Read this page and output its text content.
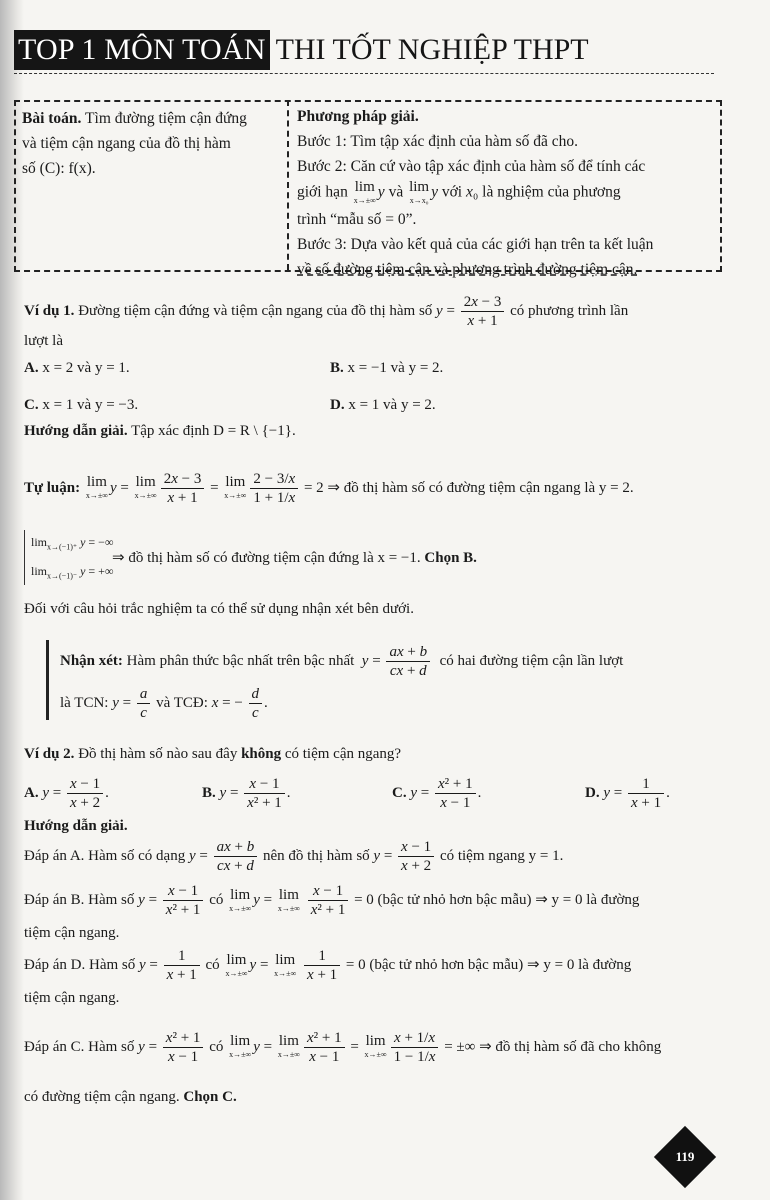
TOP 1 MÔN TOÁN THI TỐT NGHIỆP THPT
Bài toán. Tìm đường tiệm cận đứng
và tiệm cận ngang của đồ thị hàm
số (C): f(x).
Phương pháp giải.
Bước 1: Tìm tập xác định của hàm số đã cho.
Bước 2: Căn cứ vào tập xác định của hàm số để tính các
giới hạn lim
x→±∞ y và lim
x→x₀ y với x₀ là nghiệm của phương
trình “mẫu số = 0”.
Bước 3: Dựa vào kết quả của các giới hạn trên ta kết luận
về số đường tiệm cận và phương trình đường tiệm cận.
Ví dụ 1. Đường tiệm cận đứng và tiệm cận ngang của đồ thị hàm số $y = \frac{2x - 3}{x + 1}$ có phương trình lần
lượt là
A. x = 2 và y = 1.	B. x = −1 và y = 2.
C. x = 1 và y = −3.	D. x = 1 và y = 2.
Hướng dẫn giải. Tập xác định D = R \ {−1}.
Tự luận:
lim
x→±∞ y = lim
$x\to\pm\infty \frac{2x - 3}{x + 1} = \lim$
$x\to\pm\infty \frac{2 - 3/x}{1 + 1/x} = 2$ ⇒ đồ thị hàm số có đường tiệm cận ngang là y = 2.
$\lim_{x\to(-1)^+} y$ = −∞
$\lim_{x\to(-1)^-} y$ = +∞
⇒ đồ thị hàm số có đường tiệm cận đứng là x = −1. Chọn B.
Đối với câu hỏi trắc nghiệm ta có thể sử dụng nhận xét bên dưới.
Nhận xét: Hàm phân thức bậc nhất trên bậc nhất $y = \frac{ax + b}{cx + d}$ có hai đường tiệm cận lần lượt
là TCN: $y = \frac{a}{c}$ và TCĐ: x = − $\frac{d}{c}$ .
Ví dụ 2. Đồ thị hàm số nào sau đây không có tiệm cận ngang?
A. $y = \frac{x - 1}{x + 2}$ .	B. $y = \frac{x - 1}{\text{x² + 1}}$ .	C. $y = \frac{\text{x² + 1}}{x - 1}$ .	D. $y = \frac{1}{x + 1}$ .
Hướng dẫn giải.
Đáp án A. Hàm số có dạng $y = \frac{ax + b}{cx + d}$ nên đồ thị hàm số $y = \frac{x - 1}{x + 2}$ có tiệm ngang y = 1.
Đáp án B. Hàm số $y = \frac{x - 1}{\text{x² + 1}}$ có lim
x→±∞
y = lim
x→±∞
$\frac{x - 1}{\text{x² + 1}} = 0$ (bậc tử nhỏ hơn bậc mẫu) ⇒ y = 0 là đường
tiệm cận ngang.
Đáp án D. Hàm số $y = \frac{1}{x + 1}$ có lim
x→±∞
y = lim
x→±∞
$\frac{1}{x + 1} = 0$ (bậc tử nhỏ hơn bậc mẫu) ⇒ y = 0 là đường
tiệm cận ngang.
Đáp án C. Hàm số
$y = \frac{\text{x² + 1}}{x - 1}$
có
lim
x→±∞ y = lim
$x\to\pm\infty \frac{\text{x² + 1}}{x - 1} = \lim$
$x\to\pm\infty \frac{x + 1/x}{1 - 1/x}$ = ±∞ ⇒ đồ thị hàm số đã cho không
có đường tiệm cận ngang. Chọn C.
119
